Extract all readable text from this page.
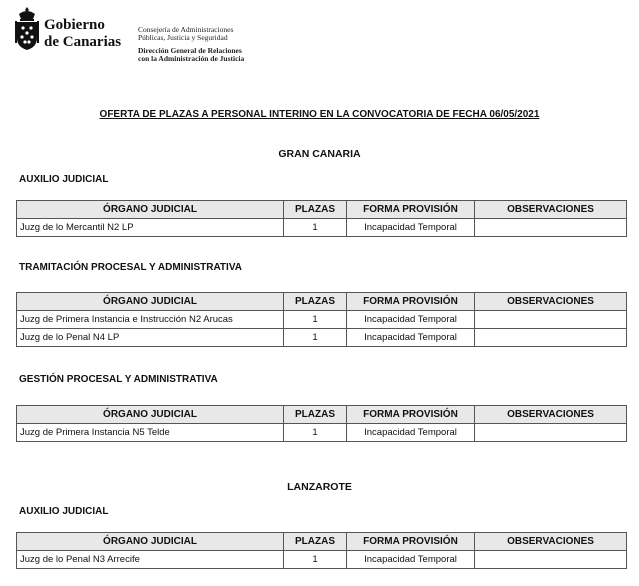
Gobierno
de Canarias
Consejería de Administraciones
Públicas, Justicia y Seguridad
Dirección General de Relaciones
con la Administración de Justicia
OFERTA DE PLAZAS A PERSONAL INTERINO EN LA CONVOCATORIA DE FECHA 06/05/2021
GRAN CANARIA
AUXILIO JUDICIAL
ÓRGANO JUDICIAL	PLAZAS	FORMA PROVISIÓN	OBSERVACIONES
Juzg de lo Mercantil N2 LP	1	Incapacidad Temporal	
TRAMITACIÓN PROCESAL Y ADMINISTRATIVA
ÓRGANO JUDICIAL	PLAZAS	FORMA PROVISIÓN	OBSERVACIONES
Juzg de Primera Instancia e Instrucción N2 Arucas	1	Incapacidad Temporal	
Juzg de lo Penal N4 LP	1	Incapacidad Temporal	
GESTIÓN PROCESAL Y ADMINISTRATIVA
ÓRGANO JUDICIAL	PLAZAS	FORMA PROVISIÓN	OBSERVACIONES
Juzg de Primera Instancia N5 Telde	1	Incapacidad Temporal	
LANZAROTE
AUXILIO JUDICIAL
ÓRGANO JUDICIAL	PLAZAS	FORMA PROVISIÓN	OBSERVACIONES
Juzg de lo Penal N3 Arrecife	1	Incapacidad Temporal	
